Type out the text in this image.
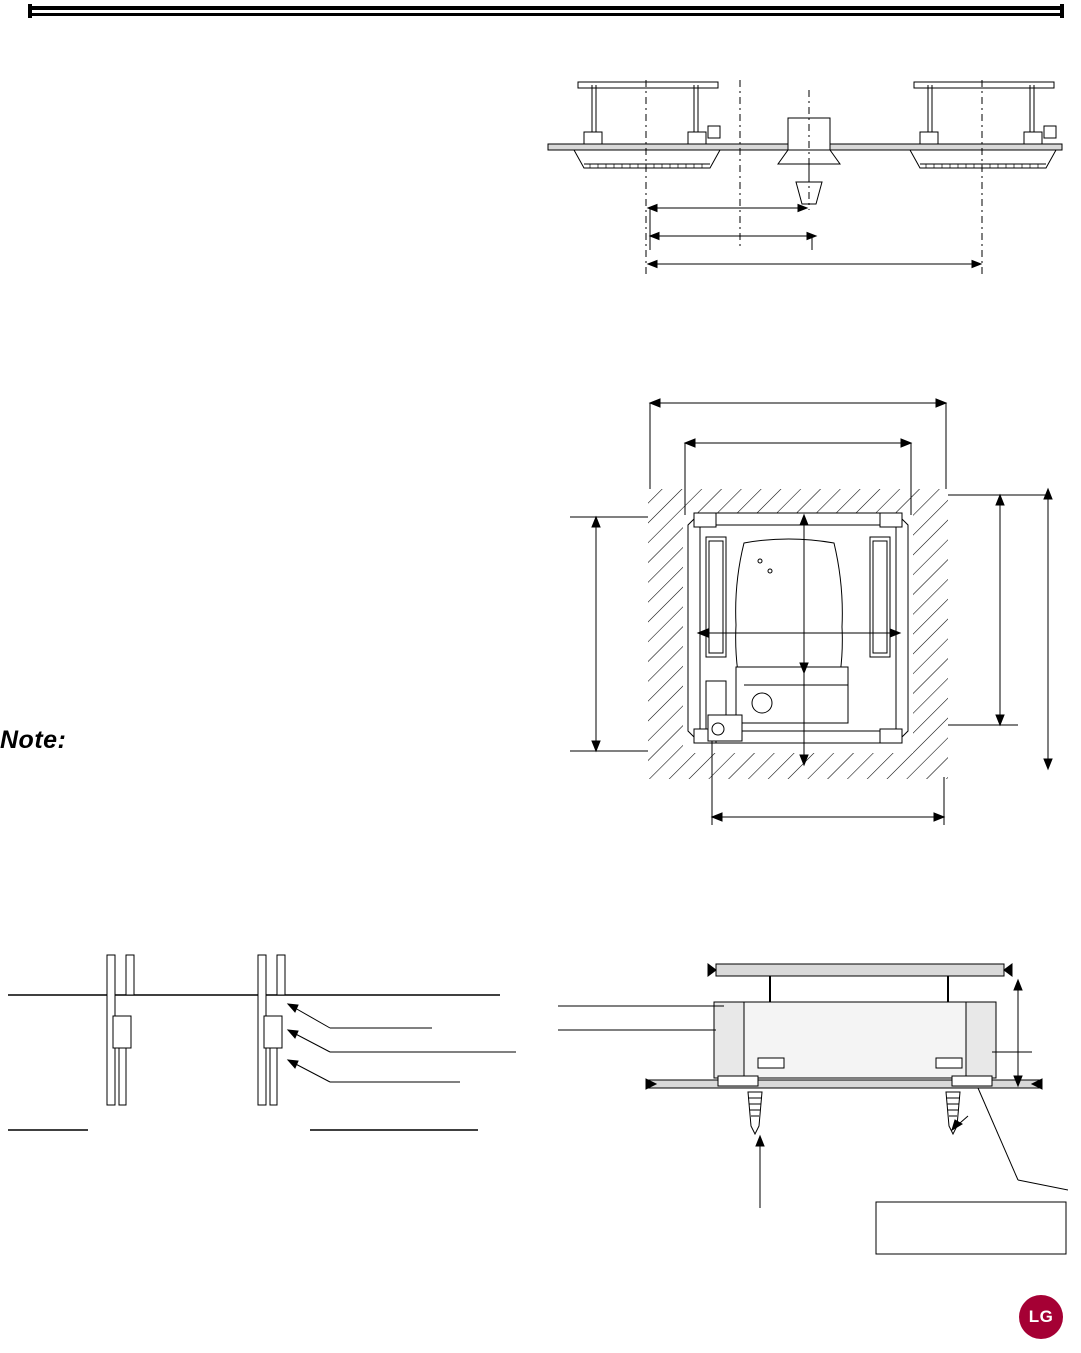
Note:
LG
